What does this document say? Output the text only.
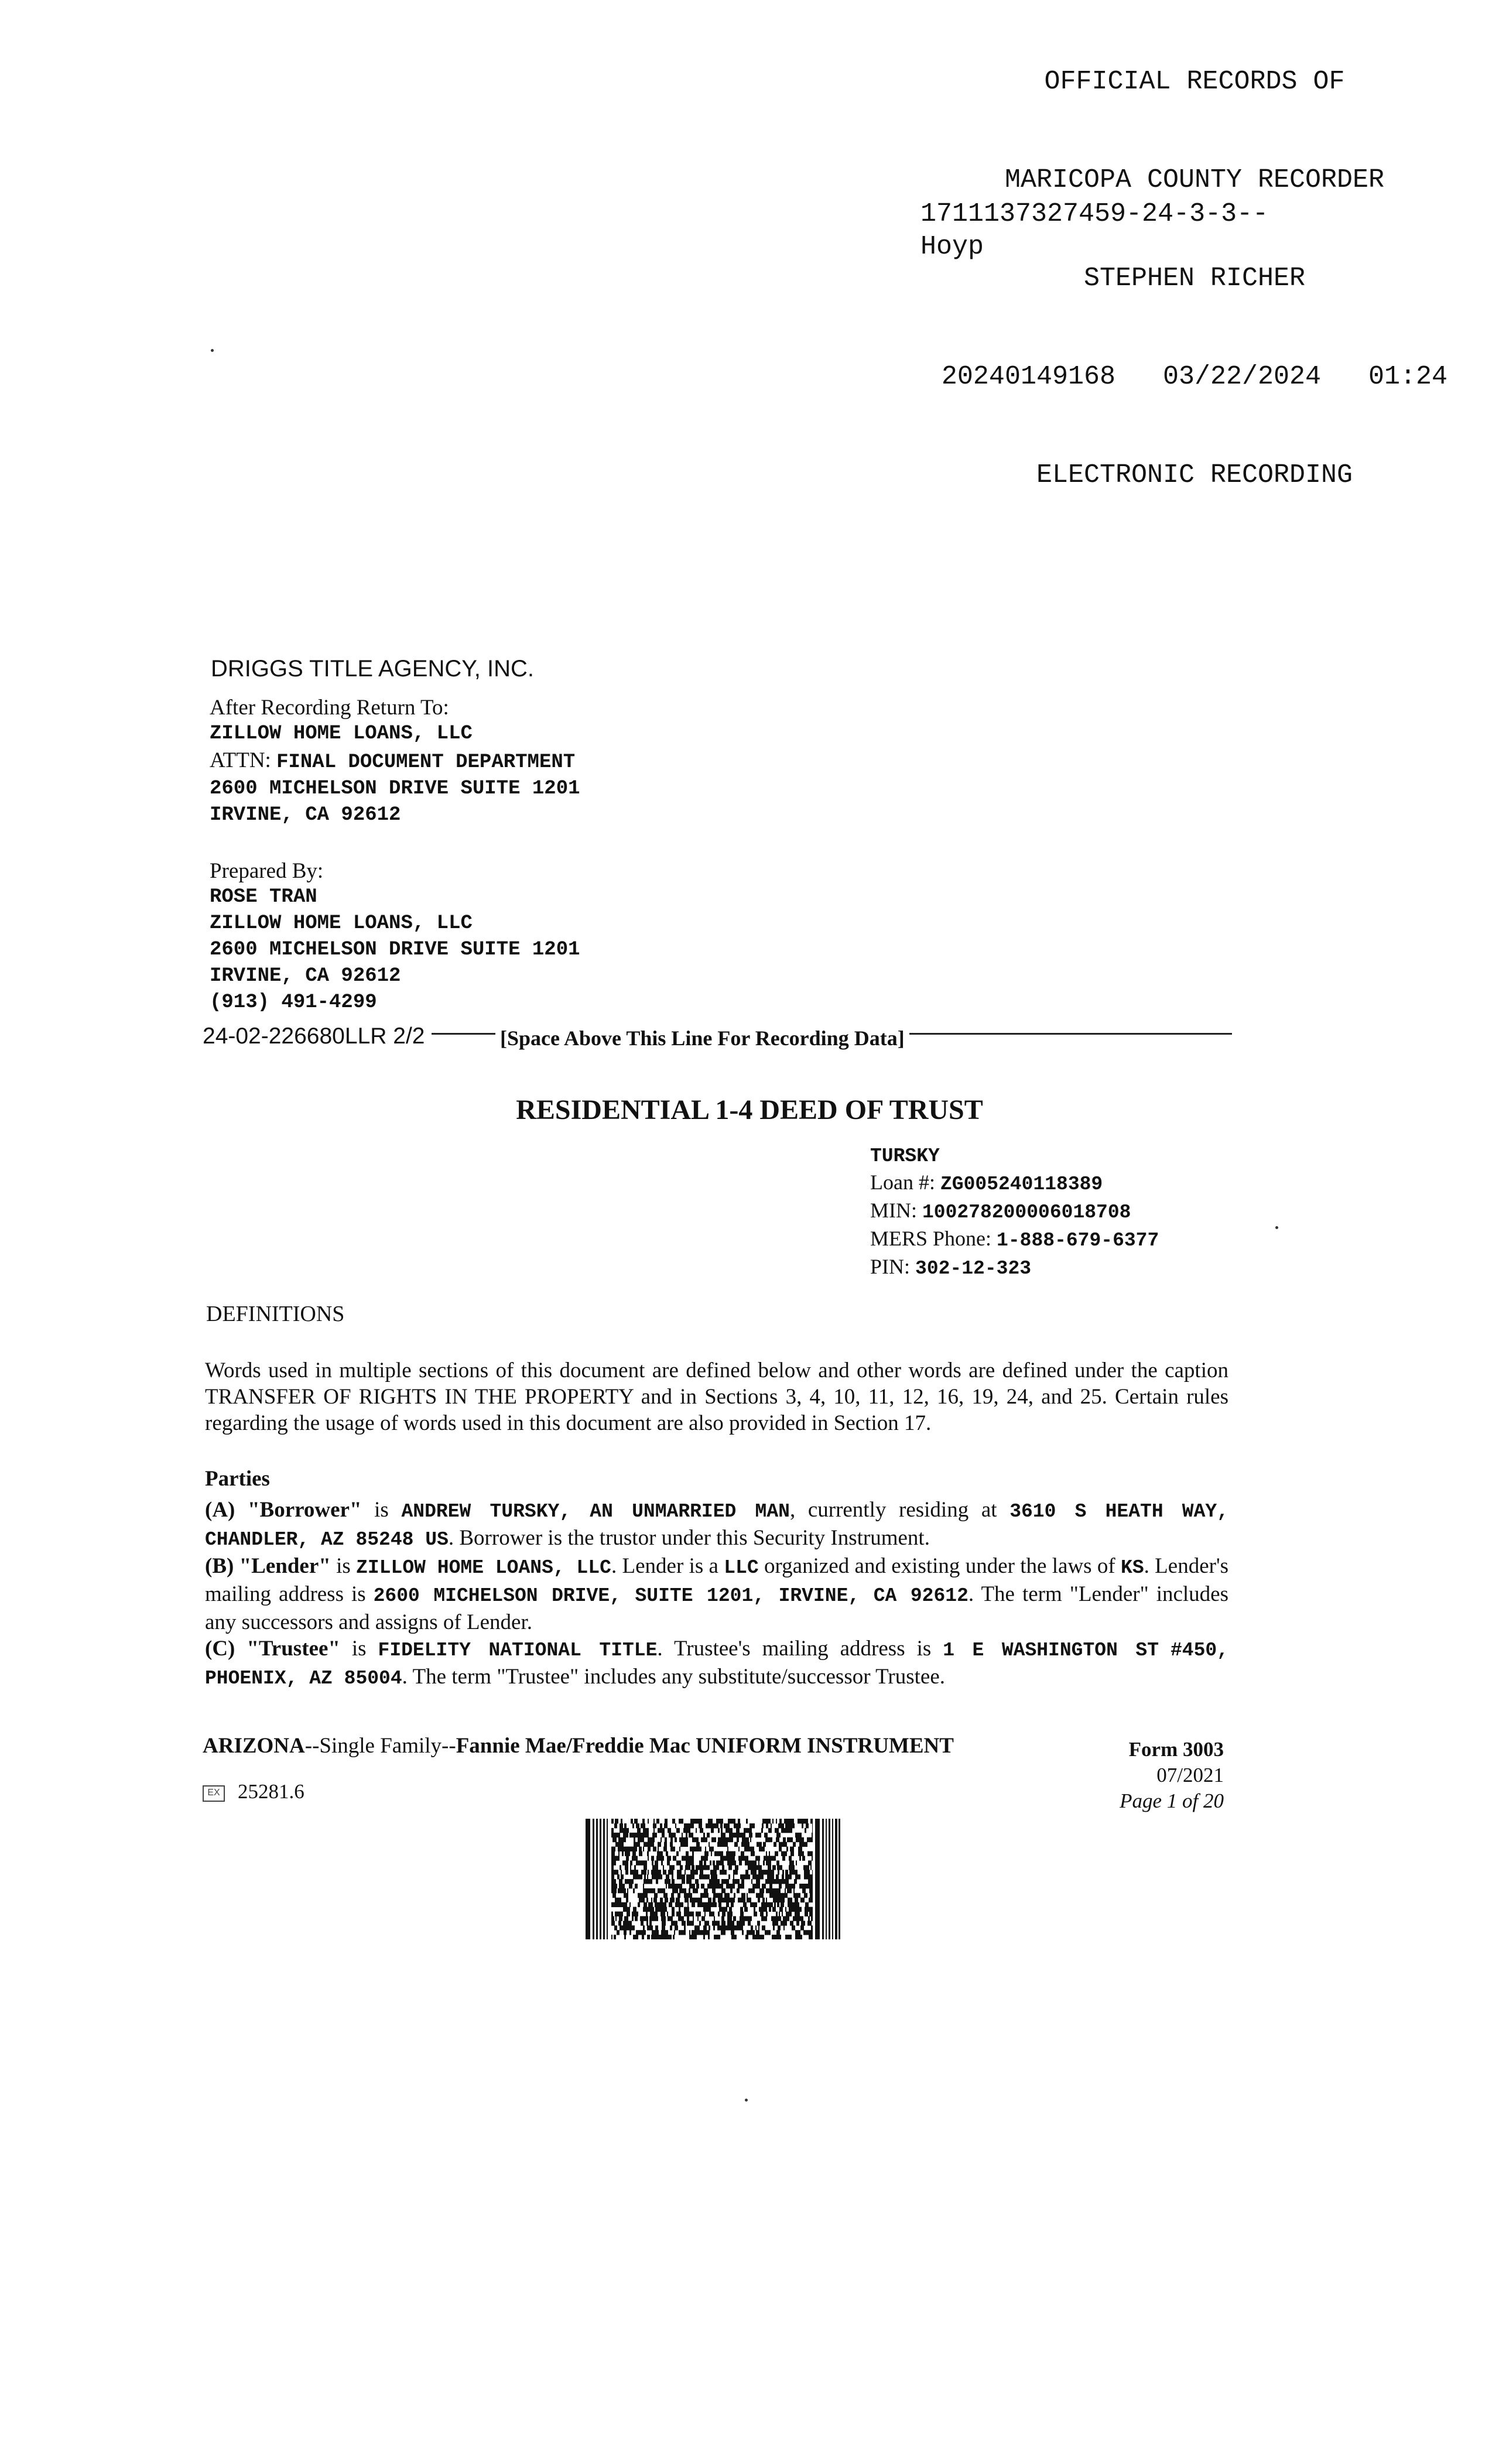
OFFICIAL RECORDS OF

MARICOPA COUNTY RECORDER

STEPHEN RICHER

20240149168   03/22/2024   01:24

ELECTRONIC RECORDING

1711137327459-24-3-3--
Hoyp
DRIGGS TITLE AGENCY, INC.
After Recording Return To:
ZILLOW HOME LOANS, LLC
ATTN: FINAL DOCUMENT DEPARTMENT
2600 MICHELSON DRIVE SUITE 1201
IRVINE, CA 92612
Prepared By:
ROSE TRAN
ZILLOW HOME LOANS, LLC
2600 MICHELSON DRIVE SUITE 1201
IRVINE, CA 92612
(913) 491-4299
24-02-226680LLR 2/2	[Space Above This Line For Recording Data]
RESIDENTIAL 1-4 DEED OF TRUST
TURSKY
Loan #: ZG005240118389
MIN: 100278200006018708
MERS Phone: 1-888-679-6377
PIN: 302-12-323
DEFINITIONS
Words used in multiple sections of this document are defined below and other words are defined under the caption TRANSFER OF RIGHTS IN THE PROPERTY and in Sections 3, 4, 10, 11, 12, 16, 19, 24, and 25. Certain rules regarding the usage of words used in this document are also provided in Section 17.
Parties
(A) "Borrower" is ANDREW TURSKY, AN UNMARRIED MAN, currently residing at 3610 S HEATH WAY, CHANDLER, AZ 85248 US. Borrower is the trustor under this Security Instrument.
(B) "Lender" is ZILLOW HOME LOANS, LLC. Lender is a LLC organized and existing under the laws of KS. Lender's mailing address is 2600 MICHELSON DRIVE, SUITE 1201, IRVINE, CA 92612. The term "Lender" includes any successors and assigns of Lender.
(C) "Trustee" is FIDELITY NATIONAL TITLE. Trustee's mailing address is 1 E WASHINGTON ST #450, PHOENIX, AZ 85004. The term "Trustee" includes any substitute/successor Trustee.
ARIZONA--Single Family--Fannie Mae/Freddie Mac UNIFORM INSTRUMENT	Form 3003
07/2021
Page 1 of 20
EX 25281.6
